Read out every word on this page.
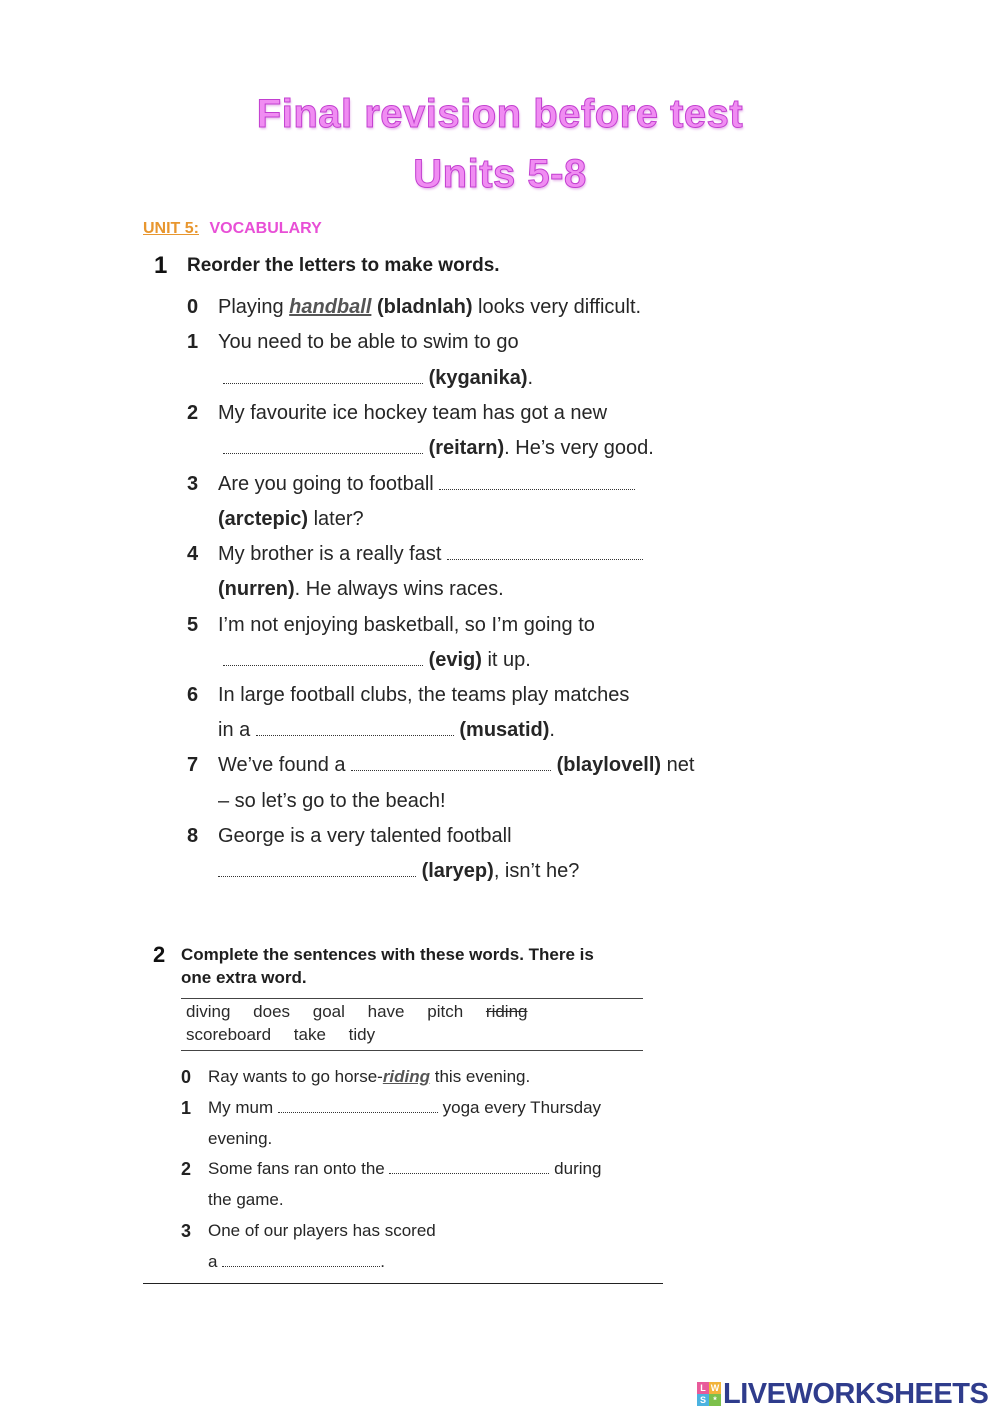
Final revision before test
Units 5-8
UNIT 5: VOCABULARY
1 Reorder the letters to make words.
0 Playing handball (bladnlah) looks very difficult.
1 You need to be able to swim to go
(kyganika).
2 My favourite ice hockey team has got a new
(reitarn). He’s very good.
3 Are you going to football
(arctepic) later?
4 My brother is a really fast
(nurren). He always wins races.
5 I’m not enjoying basketball, so I’m going to
(evig) it up.
6 In large football clubs, the teams play matches
in a	(musatid).
7 We’ve found a	(blaylovell) net
– so let’s go to the beach!
8 George is a very talented football
(laryep), isn’t he?
2 Complete the sentences with these words. There is
one extra word.
diving does goal have pitch riding
scoreboard take tidy
0 Ray wants to go horse-riding this evening.
1 My mum	yoga every Thursday
evening.
2 Some fans ran onto the	during
the game.
3 One of our players has scored
a	.
L W
S * LIVEWORKSHEETS
